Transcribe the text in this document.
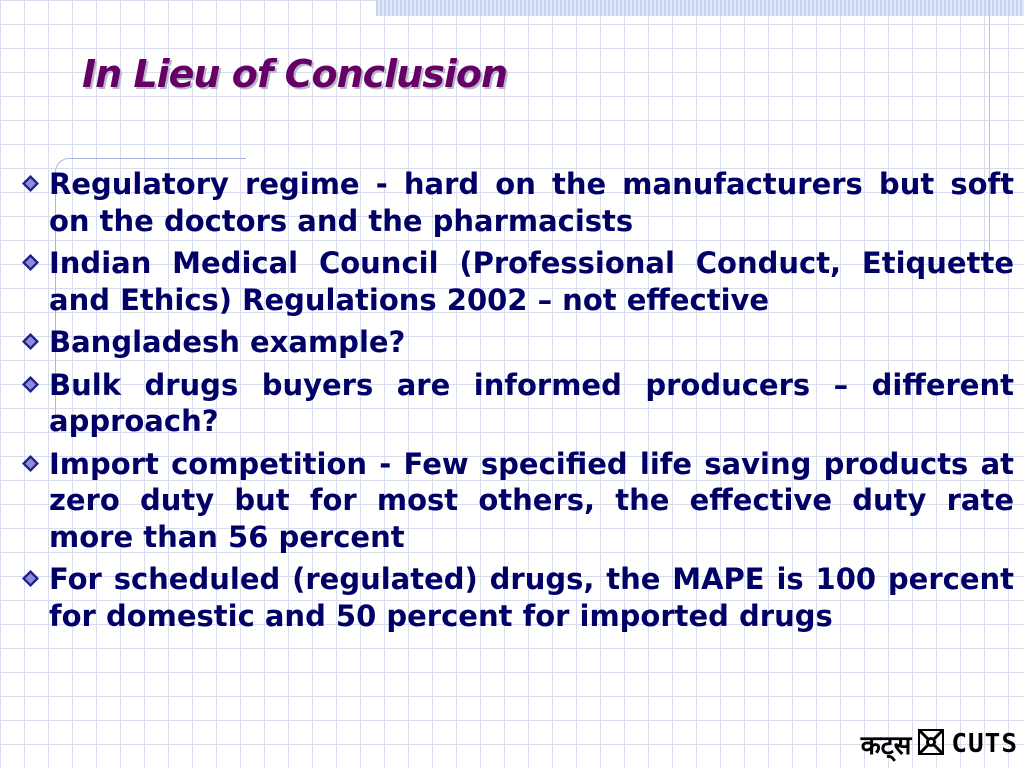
In Lieu of Conclusion
Regulatory regime - hard on the manufacturers but soft on the doctors and the pharmacists
Indian Medical Council (Professional Conduct, Etiquette and Ethics) Regulations 2002 – not effective
Bangladesh example?
Bulk drugs buyers are informed producers – different approach?
Import competition - Few specified life saving products at zero duty but for most others, the effective duty rate more than 56 percent
For scheduled (regulated) drugs, the MAPE is 100 percent for domestic and 50 percent for imported drugs
कट्स CUTS
